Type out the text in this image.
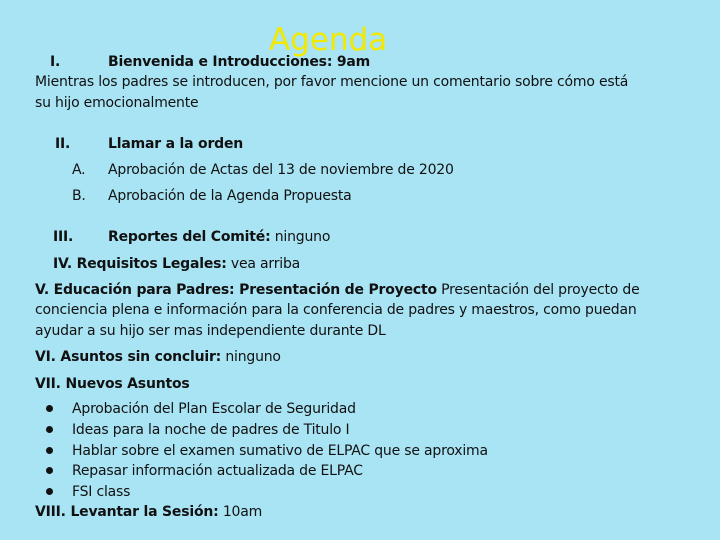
Agenda
I.	Bienvenida e Introducciones: 9am
Mientras los padres se introducen, por favor mencione un comentario sobre cómo está
su hijo emocionalmente
II.	Llamar a la orden
A. Aprobación de Actas del 13 de noviembre de 2020
B. Aprobación de la Agenda Propuesta
III. Reportes del Comité: ninguno
IV. Requisitos Legales: vea arriba
V. Educación para Padres: Presentación de Proyecto Presentación del proyecto de
conciencia plena e información para la conferencia de padres y maestros, como puedan
ayudar a su hijo ser mas independiente durante DL
VI. Asuntos sin concluir: ninguno
VII. Nuevos Asuntos
Aprobación del Plan Escolar de Seguridad
Ideas para la noche de padres de Titulo I
Hablar sobre el examen sumativo de ELPAC que se aproxima
Repasar información actualizada de ELPAC
FSI class
VIII. Levantar la Sesión: 10am
